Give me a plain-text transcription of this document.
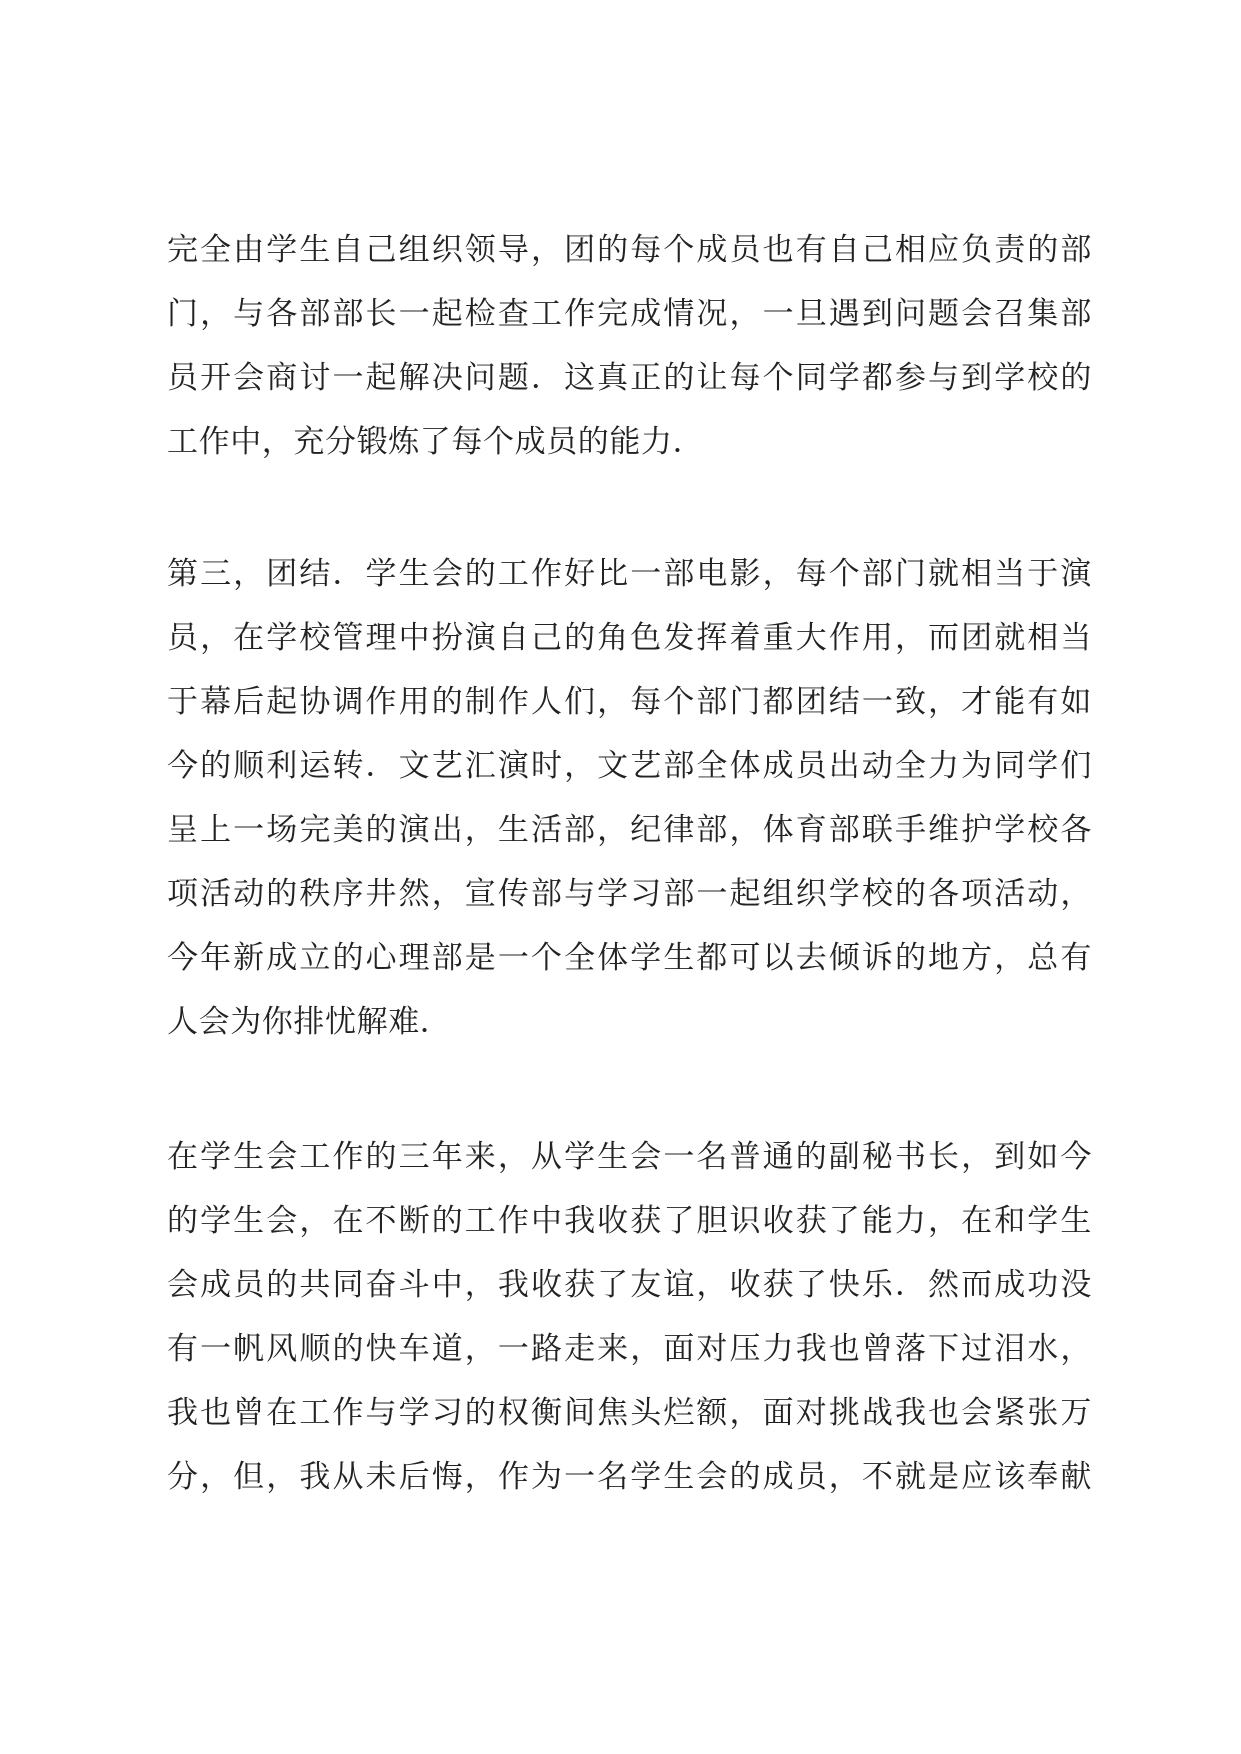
完全由学生自己组织领导，团的每个成员也有自己相应负责的部
门，与各部部长一起检查工作完成情况，一旦遇到问题会召集部
员开会商讨一起解决问题．这真正的让每个同学都参与到学校的
工作中，充分锻炼了每个成员的能力．

第三，团结．学生会的工作好比一部电影，每个部门就相当于演
员，在学校管理中扮演自己的角色发挥着重大作用，而团就相当
于幕后起协调作用的制作人们，每个部门都团结一致，才能有如
今的顺利运转．文艺汇演时，文艺部全体成员出动全力为同学们
呈上一场完美的演出，生活部，纪律部，体育部联手维护学校各
项活动的秩序井然，宣传部与学习部一起组织学校的各项活动，
今年新成立的心理部是一个全体学生都可以去倾诉的地方，总有
人会为你排忧解难．

在学生会工作的三年来，从学生会一名普通的副秘书长，到如今
的学生会，在不断的工作中我收获了胆识收获了能力，在和学生
会成员的共同奋斗中，我收获了友谊，收获了快乐．然而成功没
有一帆风顺的快车道，一路走来，面对压力我也曾落下过泪水，
我也曾在工作与学习的权衡间焦头烂额，面对挑战我也会紧张万
分，但，我从未后悔，作为一名学生会的成员，不就是应该奉献
